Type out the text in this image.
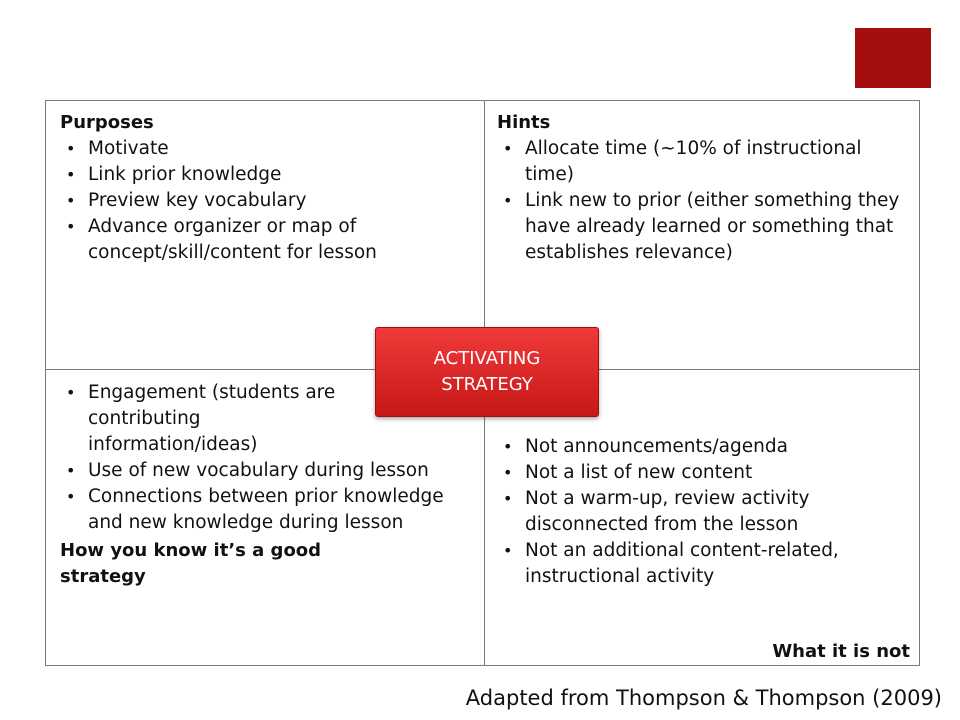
Purposes
• Motivate
• Link prior knowledge
• Preview key vocabulary
• Advance organizer or map of concept/skill/content for lesson
Hints
• Allocate time (~10% of instructional time)
• Link new to prior (either something they have already learned or something that establishes relevance)
• Engagement (students are contributing information/ideas)
• Use of new vocabulary during lesson
• Connections between prior knowledge and new knowledge during lesson
How you know it’s a good strategy
• Not announcements/agenda
• Not a list of new content
• Not a warm-up, review activity disconnected from the lesson
• Not an additional content-related, instructional activity
What it is not
ACTIVATING
STRATEGY
Adapted from Thompson & Thompson (2009)
